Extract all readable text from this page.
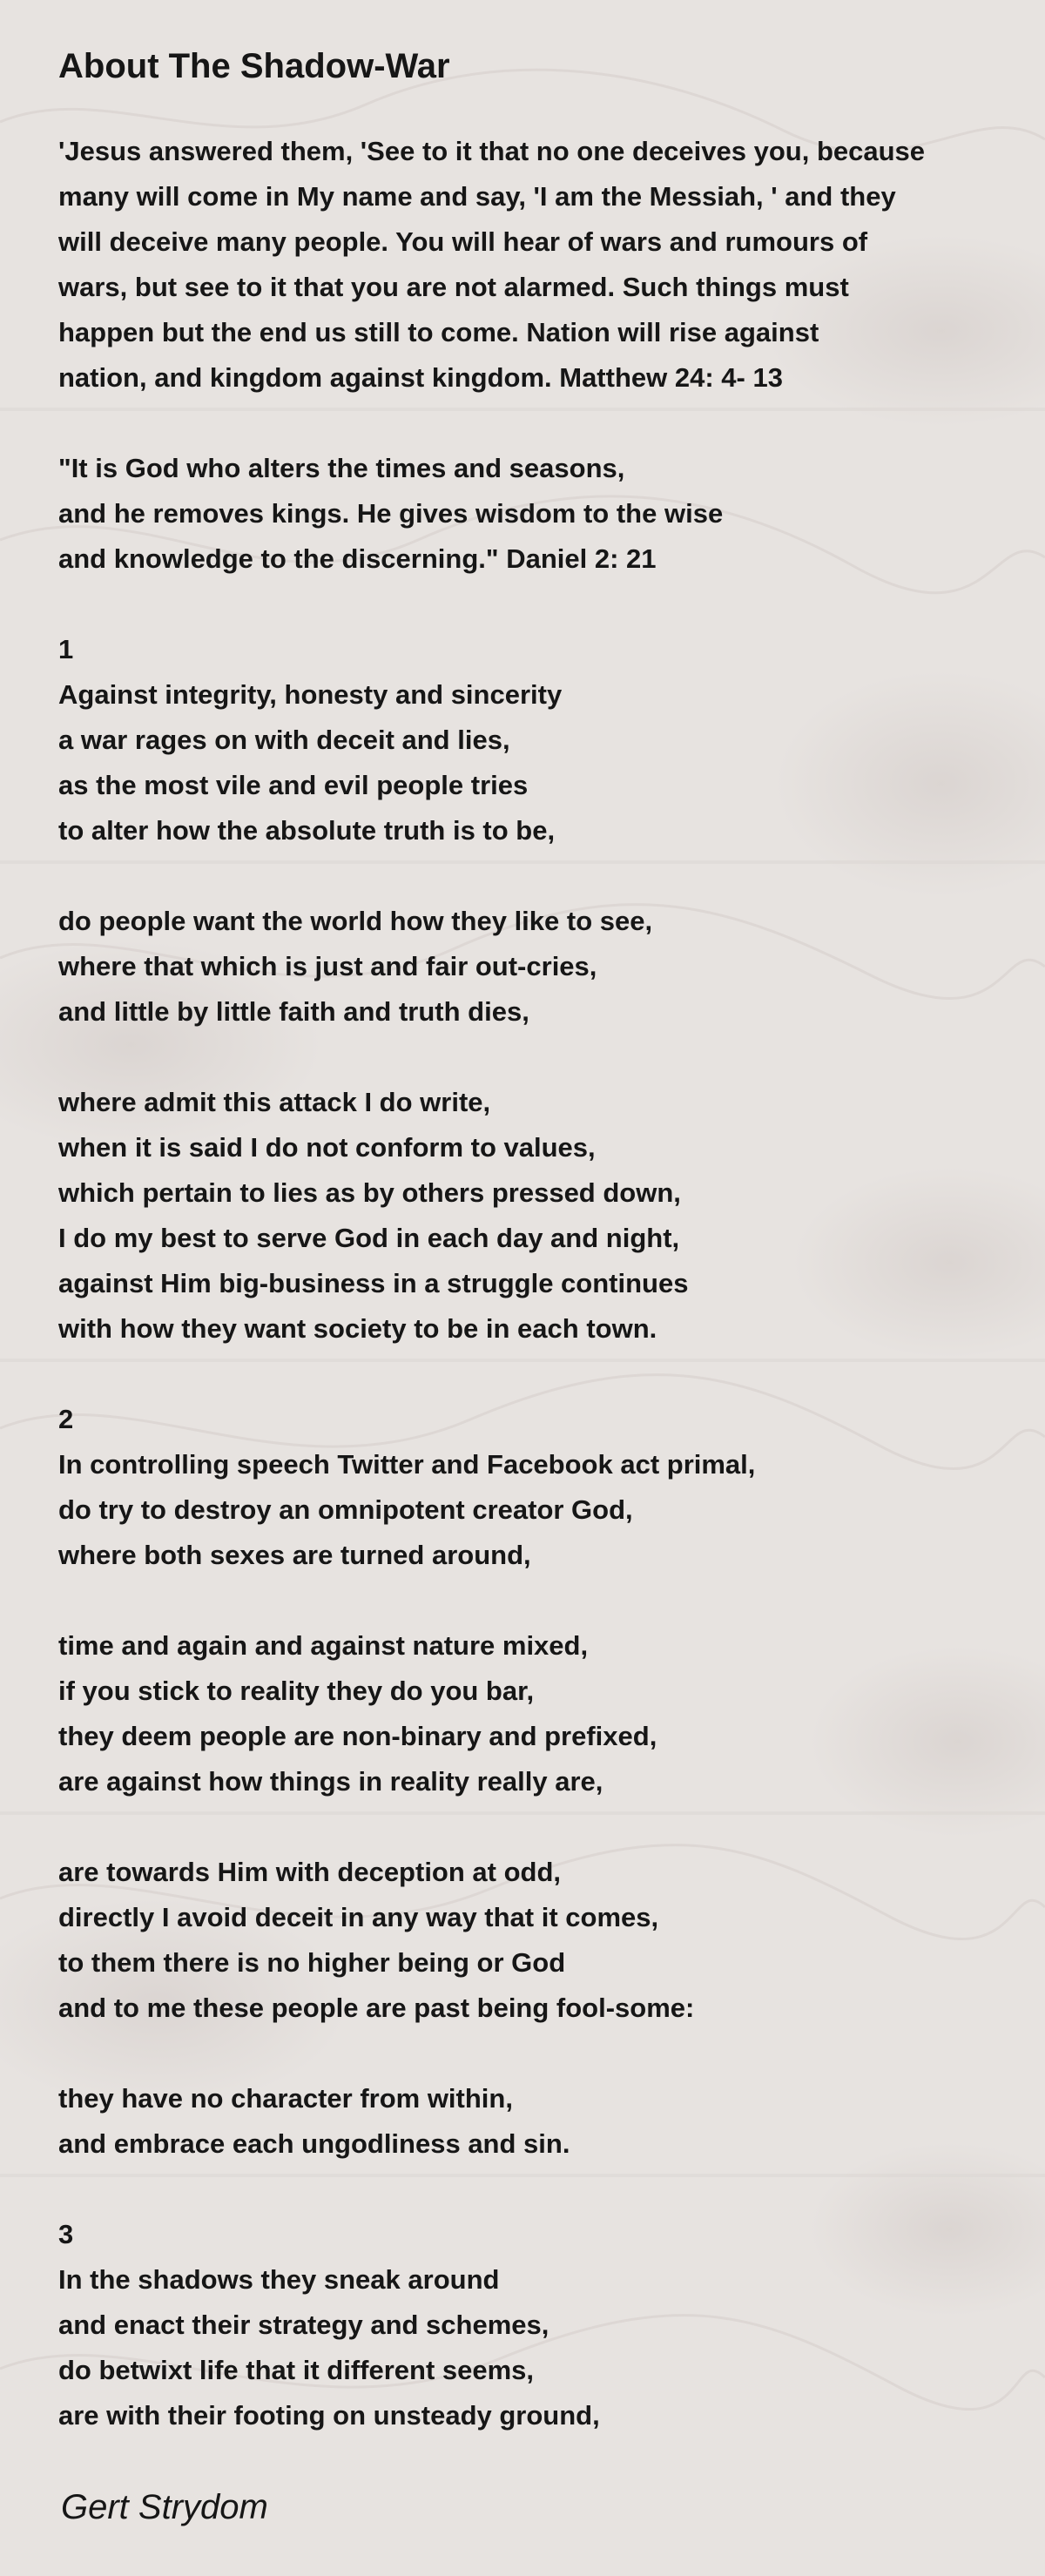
About The Shadow-War
'Jesus answered them, 'See to it that no one deceives you, because
many will come in My name and say, 'I am the Messiah, ' and they
will deceive many people. You will hear of wars and rumours of
wars, but see to it that you are not alarmed. Such things must
happen but the end us still to come. Nation will rise against
nation, and kingdom against kingdom. Matthew 24: 4- 13
"It is God who alters the times and seasons,
and he removes kings. He gives wisdom to the wise
and knowledge to the discerning." Daniel 2: 21
1
Against integrity, honesty and sincerity
a war rages on with deceit and lies,
as the most vile and evil people tries
to alter how the absolute truth is to be,
do people want the world how they like to see,
where that which is just and fair out-cries,
and little by little faith and truth dies,
where admit this attack I do write,
when it is said I do not conform to values,
which pertain to lies as by others pressed down,
I do my best to serve God in each day and night,
against Him big-business in a struggle continues
with how they want society to be in each town.
2
In controlling speech Twitter and Facebook act primal,
do try to destroy an omnipotent creator God,
where both sexes are turned around,
time and again and against nature mixed,
if you stick to reality they do you bar,
they deem people are non-binary and prefixed,
are against how things in reality really are,
are towards Him with deception at odd,
directly I avoid deceit in any way that it comes,
to them there is no higher being or God
and to me these people are past being fool-some:
they have no character from within,
and embrace each ungodliness and sin.
3
In the shadows they sneak around
and enact their strategy and schemes,
do betwixt life that it different seems,
are with their footing on unsteady ground,
Gert Strydom
